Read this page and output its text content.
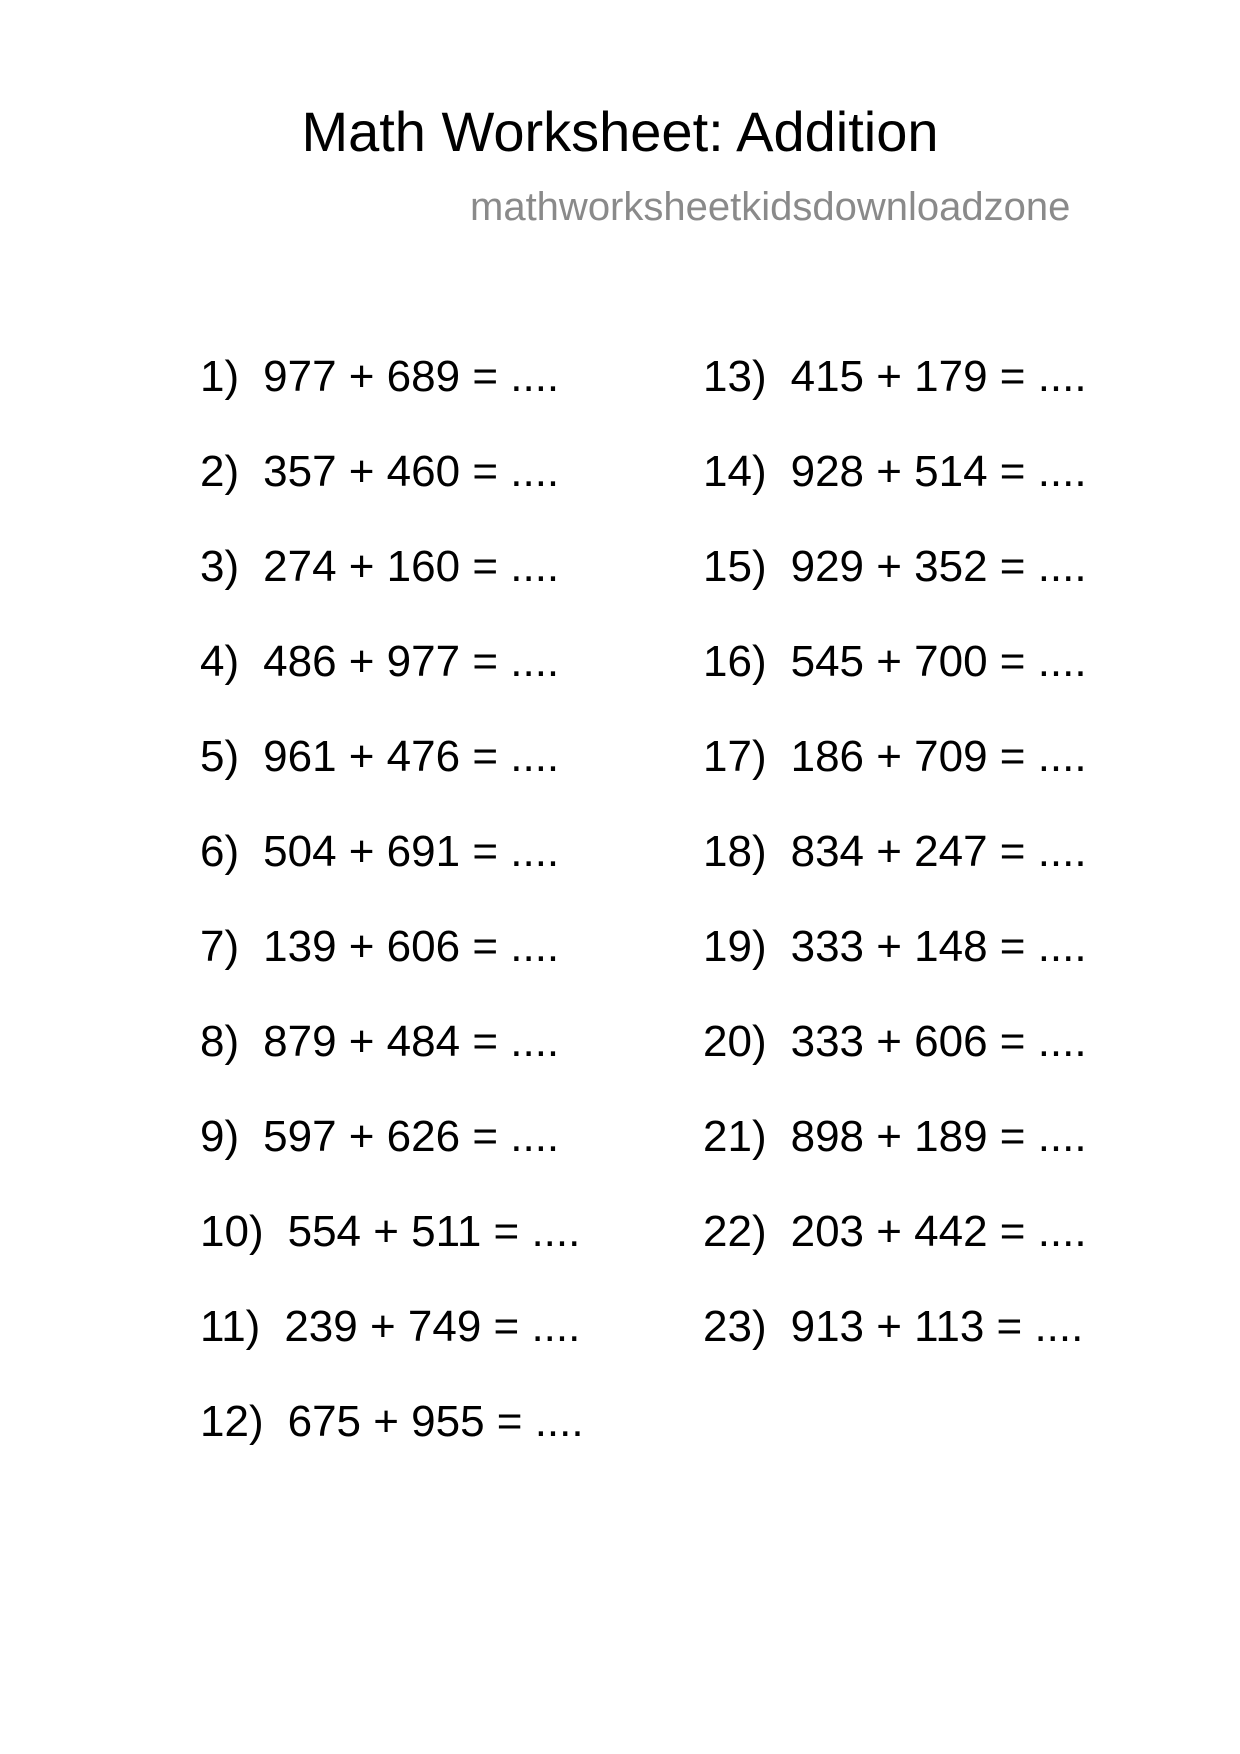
Math Worksheet: Addition
mathworksheetkidsdownloadzone
1) 977 + 689 = ....
2) 357 + 460 = ....
3) 274 + 160 = ....
4) 486 + 977 = ....
5) 961 + 476 = ....
6) 504 + 691 = ....
7) 139 + 606 = ....
8) 879 + 484 = ....
9) 597 + 626 = ....
10) 554 + 511 = ....
11) 239 + 749 = ....
12) 675 + 955 = ....
13) 415 + 179 = ....
14) 928 + 514 = ....
15) 929 + 352 = ....
16) 545 + 700 = ....
17) 186 + 709 = ....
18) 834 + 247 = ....
19) 333 + 148 = ....
20) 333 + 606 = ....
21) 898 + 189 = ....
22) 203 + 442 = ....
23) 913 + 113 = ....
